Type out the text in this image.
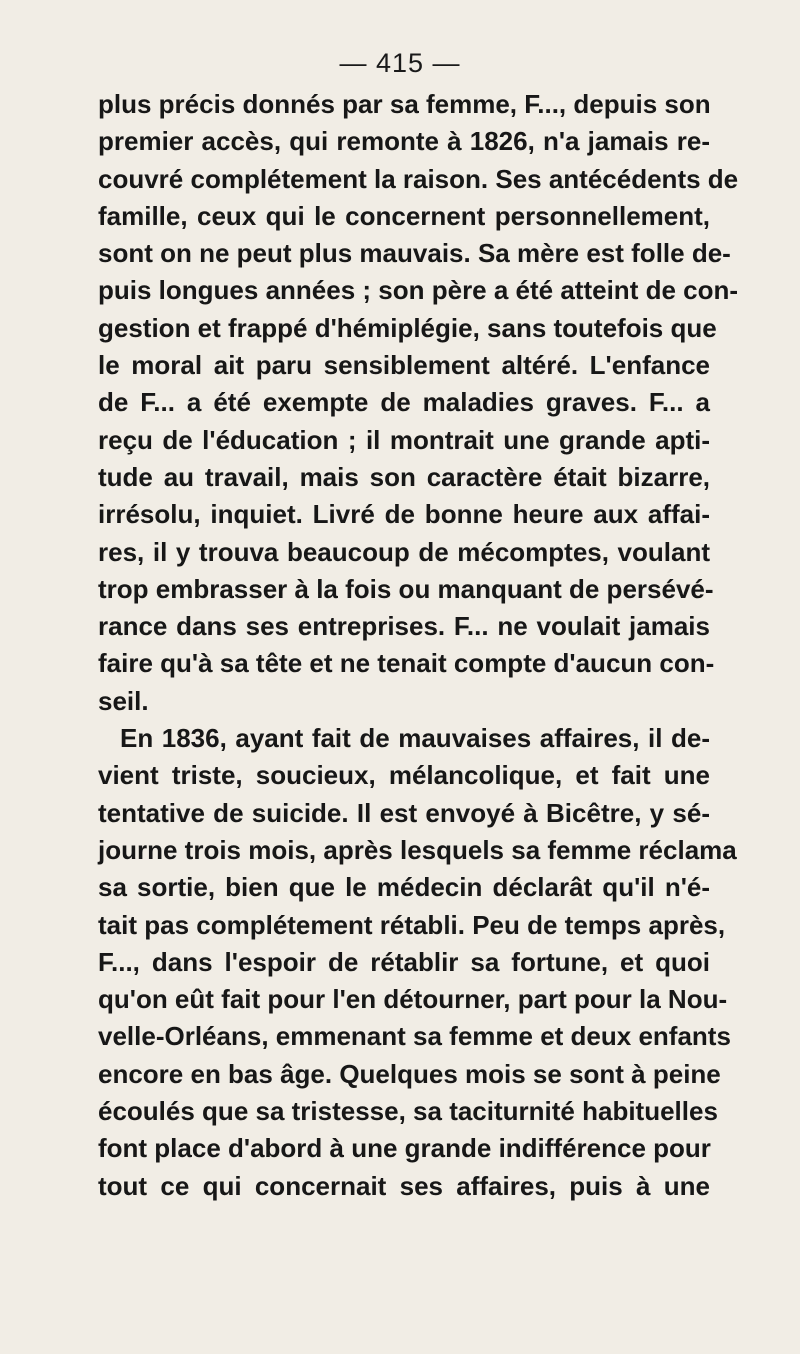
— 415 —
plus précis donnés par sa femme, F..., depuis son
premier accès, qui remonte à 1826, n'a jamais re-
couvré complétement la raison. Ses antécédents de
famille, ceux qui le concernent personnellement,
sont on ne peut plus mauvais. Sa mère est folle de-
puis longues années ; son père a été atteint de con-
gestion et frappé d'hémiplégie, sans toutefois que
le moral ait paru sensiblement altéré. L'enfance
de F... a été exempte de maladies graves. F... a
reçu de l'éducation ; il montrait une grande apti-
tude au travail, mais son caractère était bizarre,
irrésolu, inquiet. Livré de bonne heure aux affai-
res, il y trouva beaucoup de mécomptes, voulant
trop embrasser à la fois ou manquant de persévé-
rance dans ses entreprises. F... ne voulait jamais
faire qu'à sa tête et ne tenait compte d'aucun con-
seil.
En 1836, ayant fait de mauvaises affaires, il de-
vient triste, soucieux, mélancolique, et fait une
tentative de suicide. Il est envoyé à Bicêtre, y sé-
journe trois mois, après lesquels sa femme réclama
sa sortie, bien que le médecin déclarât qu'il n'é-
tait pas complétement rétabli. Peu de temps après,
F..., dans l'espoir de rétablir sa fortune, et quoi
qu'on eût fait pour l'en détourner, part pour la Nou-
velle-Orléans, emmenant sa femme et deux enfants
encore en bas âge. Quelques mois se sont à peine
écoulés que sa tristesse, sa taciturnité habituelles
font place d'abord à une grande indifférence pour
tout ce qui concernait ses affaires, puis à une
